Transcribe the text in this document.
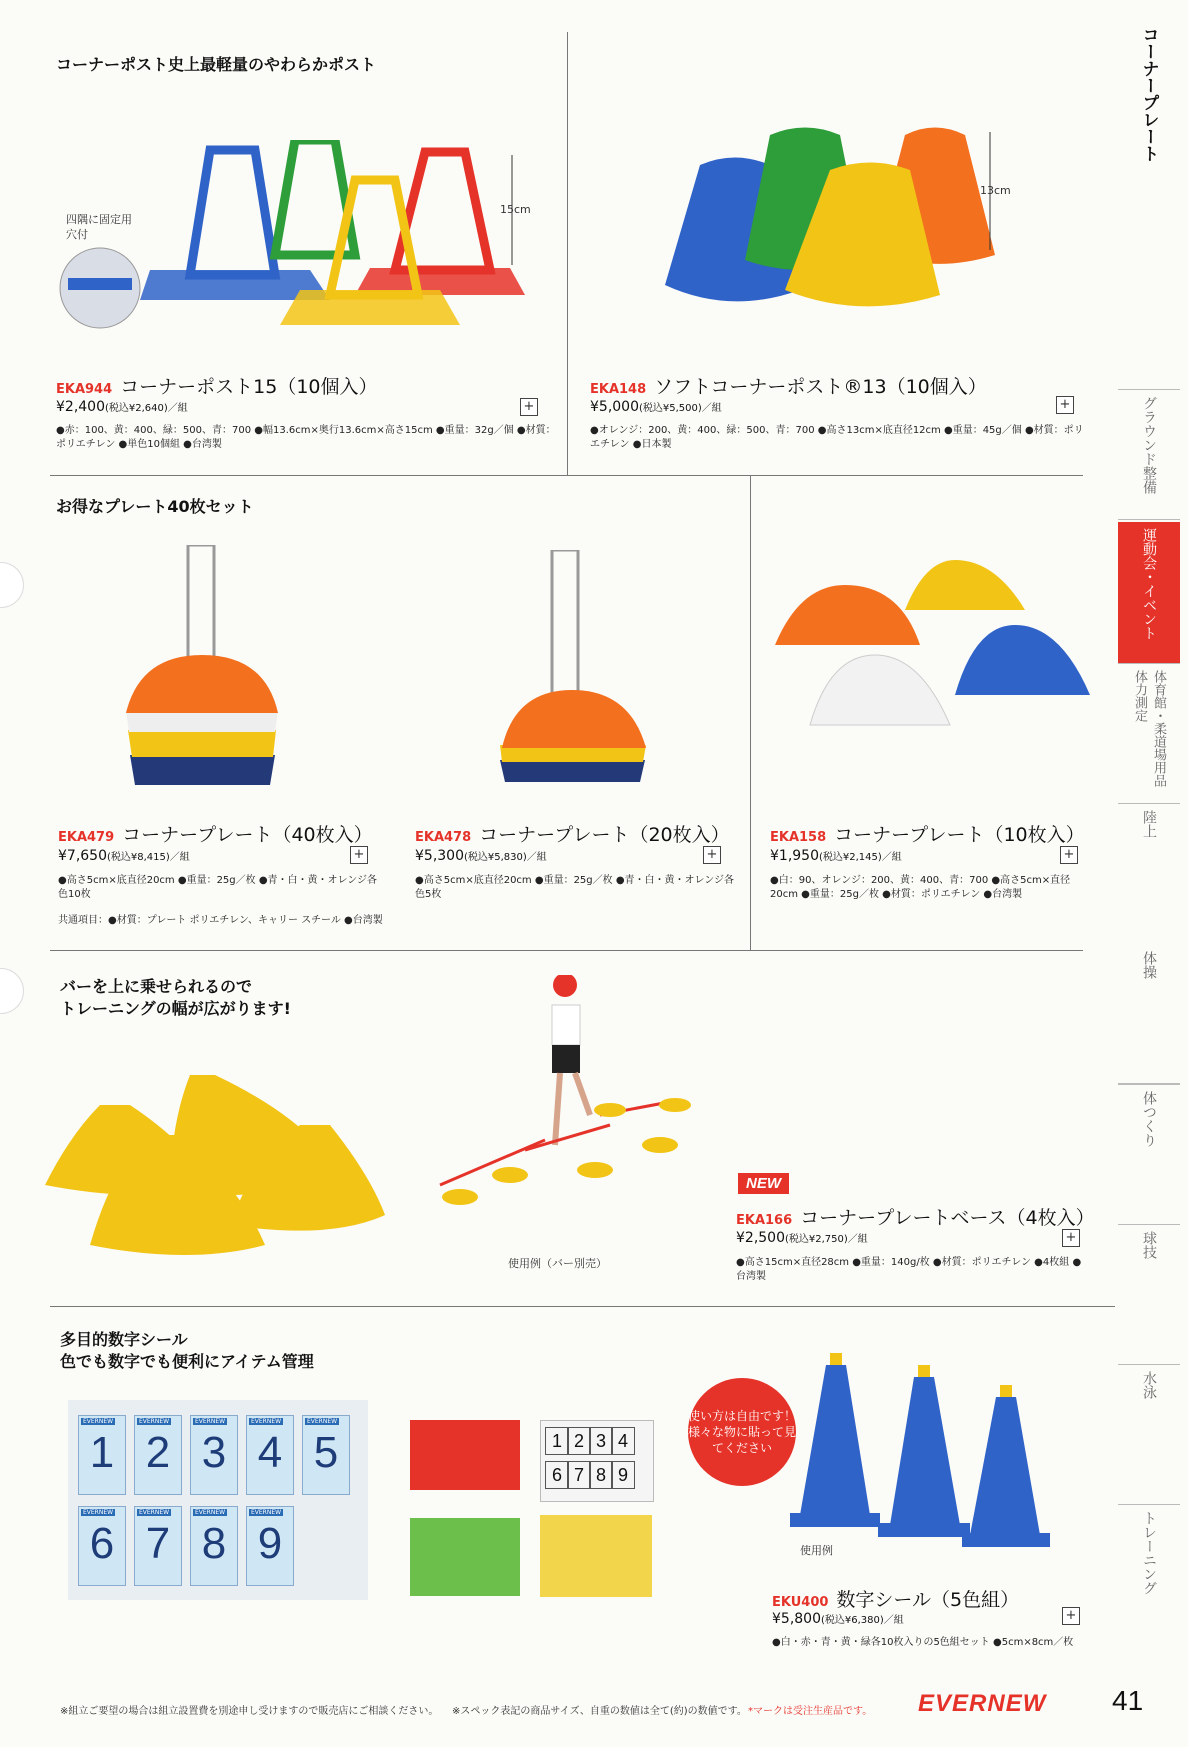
コーナーポスト史上最軽量のやわらかポスト
四隅に固定用穴付
15cm
EKA944 コーナーポスト15（10個入）
¥2,400(税込¥2,640)／組	+
●赤：100、黄：400、緑：500、青：700 ●幅13.6cm×奥行13.6cm×高さ15cm ●重量：32g／個 ●材質：ポリエチレン ●単色10個組 ●台湾製
13cm
EKA148 ソフトコーナーポスト®13（10個入）
¥5,000(税込¥5,500)／組	+
●オレンジ：200、黄：400、緑：500、青：700 ●高さ13cm×底直径12cm ●重量：45g／個 ●材質：ポリエチレン ●日本製
お得なプレート40枚セット
EKA479 コーナープレート（40枚入）
¥7,650(税込¥8,415)／組	+
●高さ5cm×底直径20cm ●重量：25g／枚 ●青・白・黄・オレンジ各色10枚
共通項目：●材質：プレート ポリエチレン、キャリー スチール ●台湾製
EKA478 コーナープレート（20枚入）
¥5,300(税込¥5,830)／組	+
●高さ5cm×底直径20cm ●重量：25g／枚 ●青・白・黄・オレンジ各色5枚
EKA158 コーナープレート（10枚入）
¥1,950(税込¥2,145)／組	+
●白：90、オレンジ：200、黄：400、青：700 ●高さ5cm×直径20cm ●重量：25g／枚 ●材質：ポリエチレン ●台湾製
バーを上に乗せられるので
トレーニングの幅が広がります!
使用例（バー別売）
NEW
EKA166 コーナープレートベース（4枚入）
¥2,500(税込¥2,750)／組	+
●高さ15cm×直径28cm ●重量：140g/枚 ●材質：ポリエチレン ●4枚組 ●台湾製
多目的数字シール
色でも数字でも便利にアイテム管理
EVERNEW
1
EVERNEW
2
EVERNEW
3
EVERNEW
4
EVERNEW
5
EVERNEW
6
EVERNEW
7
EVERNEW
8
EVERNEW
9
1 2 3 4
6 7 8 9
使い方は自由です！様々な物に貼って見てください
使用例
EKU400 数字シール（5色組）
¥5,800(税込¥6,380)／組	+
●白・赤・青・黄・緑各10枚入りの5色組セット ●5cm×8cm／枚
コーナープレート
グラウンド整備
運動会・イベント
体育館・柔道場用品 体力測定
陸上
体操
体つくり
球技
水泳
トレーニング
※組立ご要望の場合は組立設置費を別途申し受けますので販売店にご相談ください。 ※スペック表記の商品サイズ、自重の数値は全て(約)の数値です。 *マークは受注生産品です。 EVERNEW 41
